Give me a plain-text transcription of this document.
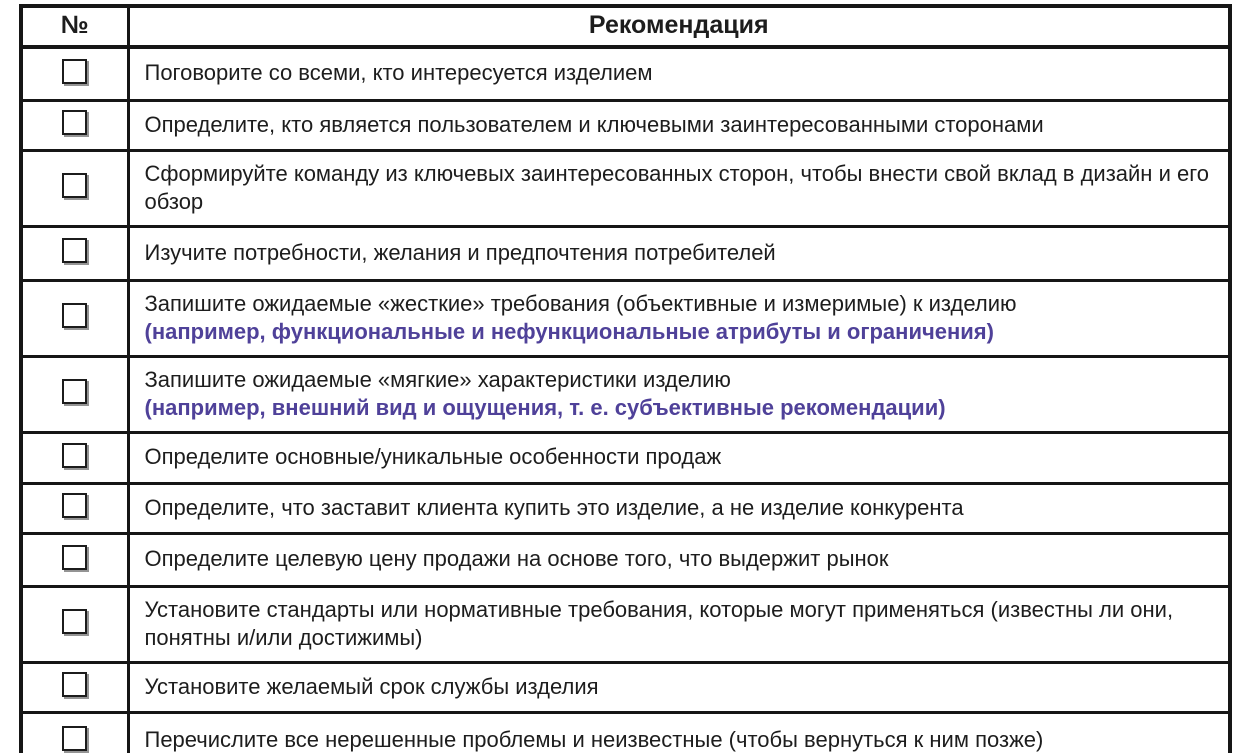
№	Рекомендация

	Поговорите со всеми, кто интересуется изделием

	Определите, кто является пользователем и ключевыми заинтересованными сторонами

	Сформируйте команду из ключевых заинтересованных сторон, чтобы внести свой вклад в дизайн и его обзор

	Изучите потребности, желания и предпочтения потребителей

	Запишите ожидаемые «жесткие» требования (объективные и измеримые) к изделию
(например, функциональные и нефункциональные атрибуты и ограничения)

	Запишите ожидаемые «мягкие» характеристики изделию
(например, внешний вид и ощущения, т. е. субъективные рекомендации)

	Определите основные/уникальные особенности продаж

	Определите, что заставит клиента купить это изделие, а не изделие конкурента

	Определите целевую цену продажи на основе того, что выдержит рынок

	Установите стандарты или нормативные требования, которые могут применяться (известны ли они, понятны и/или достижимы)

	Установите желаемый срок службы изделия

	Перечислите все нерешенные проблемы и неизвестные (чтобы вернуться к ним позже)
